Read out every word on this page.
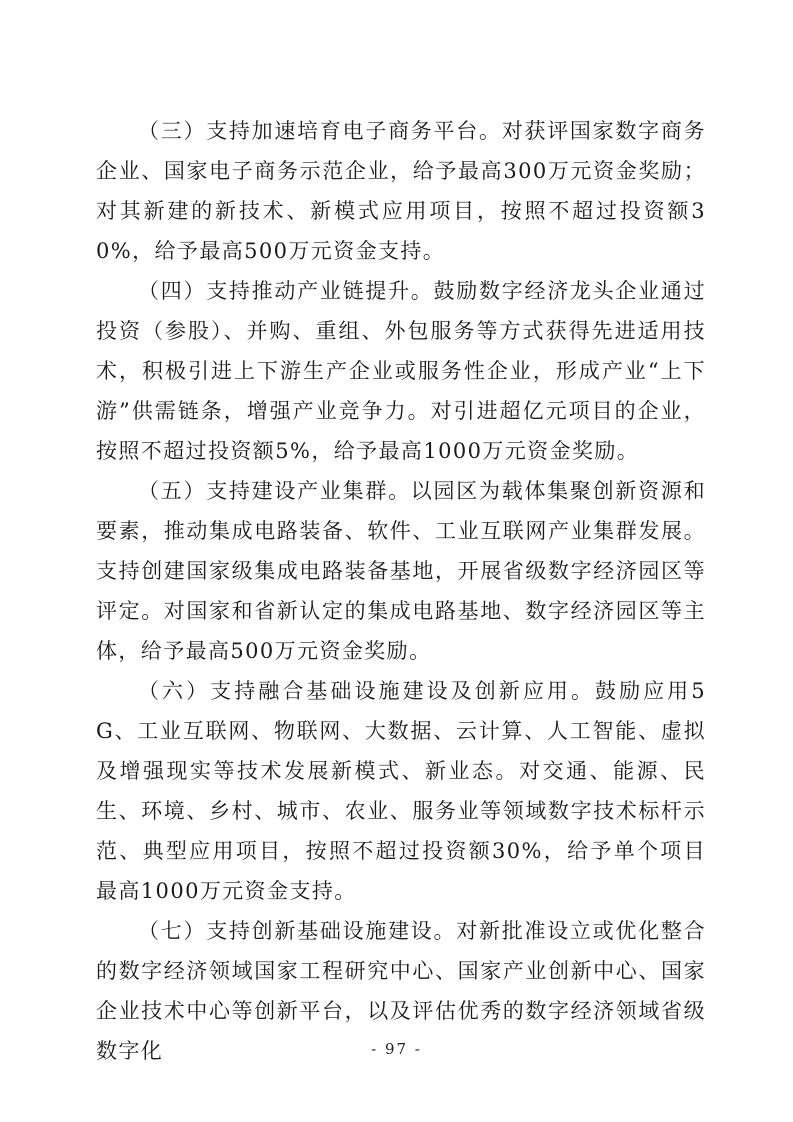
（三）支持加速培育电子商务平台。对获评国家数字商务企业、国家电子商务示范企业，给予最高300万元资金奖励；对其新建的新技术、新模式应用项目，按照不超过投资额30%，给予最高500万元资金支持。

（四）支持推动产业链提升。鼓励数字经济龙头企业通过投资（参股）、并购、重组、外包服务等方式获得先进适用技术，积极引进上下游生产企业或服务性企业，形成产业“上下游”供需链条，增强产业竞争力。对引进超亿元项目的企业，按照不超过投资额5%，给予最高1000万元资金奖励。

（五）支持建设产业集群。以园区为载体集聚创新资源和要素，推动集成电路装备、软件、工业互联网产业集群发展。支持创建国家级集成电路装备基地，开展省级数字经济园区等评定。对国家和省新认定的集成电路基地、数字经济园区等主体，给予最高500万元资金奖励。

（六）支持融合基础设施建设及创新应用。鼓励应用5G、工业互联网、物联网、大数据、云计算、人工智能、虚拟及增强现实等技术发展新模式、新业态。对交通、能源、民生、环境、乡村、城市、农业、服务业等领域数字技术标杆示范、典型应用项目，按照不超过投资额30%，给予单个项目最高1000万元资金支持。

（七）支持创新基础设施建设。对新批准设立或优化整合的数字经济领域国家工程研究中心、国家产业创新中心、国家企业技术中心等创新平台，以及评估优秀的数字经济领域省级数字化	- 97 -
